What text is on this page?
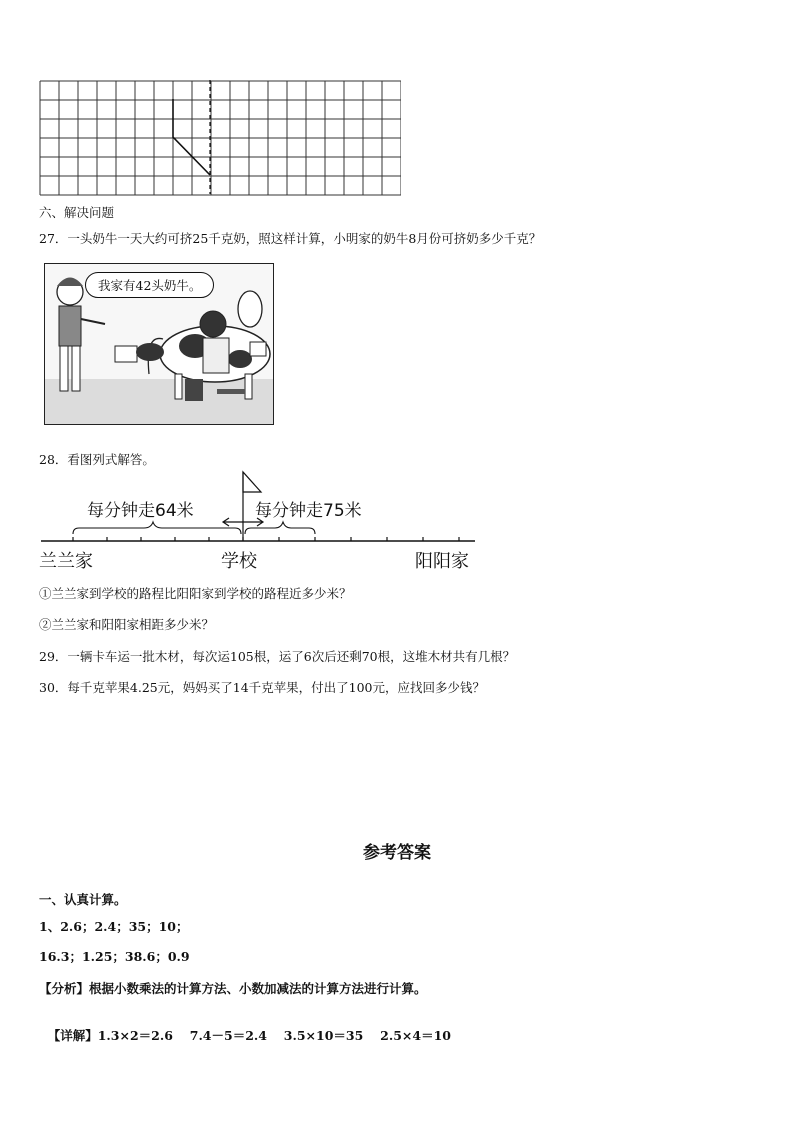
六、解决问题
27．一头奶牛一天大约可挤25千克奶，照这样计算，小明家的奶牛8月份可挤奶多少千克？
我家有42头奶牛。
28．看图列式解答。
每分钟走64米	每分钟走75米
兰兰家	学校	阳阳家
①兰兰家到学校的路程比阳阳家到学校的路程近多少米？
②兰兰家和阳阳家相距多少米？
29．一辆卡车运一批木材，每次运105根，运了6次后还剩70根，这堆木材共有几根？
30．每千克苹果4.25元，妈妈买了14千克苹果，付出了100元，应找回多少钱？
参考答案
一、认真计算。
1、2.6；2.4；35；10；
16.3；1.25；38.6；0.9
【分析】根据小数乘法的计算方法、小数加减法的计算方法进行计算。

【详解】1.3×2＝2.6　 7.4－5＝2.4　 3.5×10＝35　 2.5×4＝10
